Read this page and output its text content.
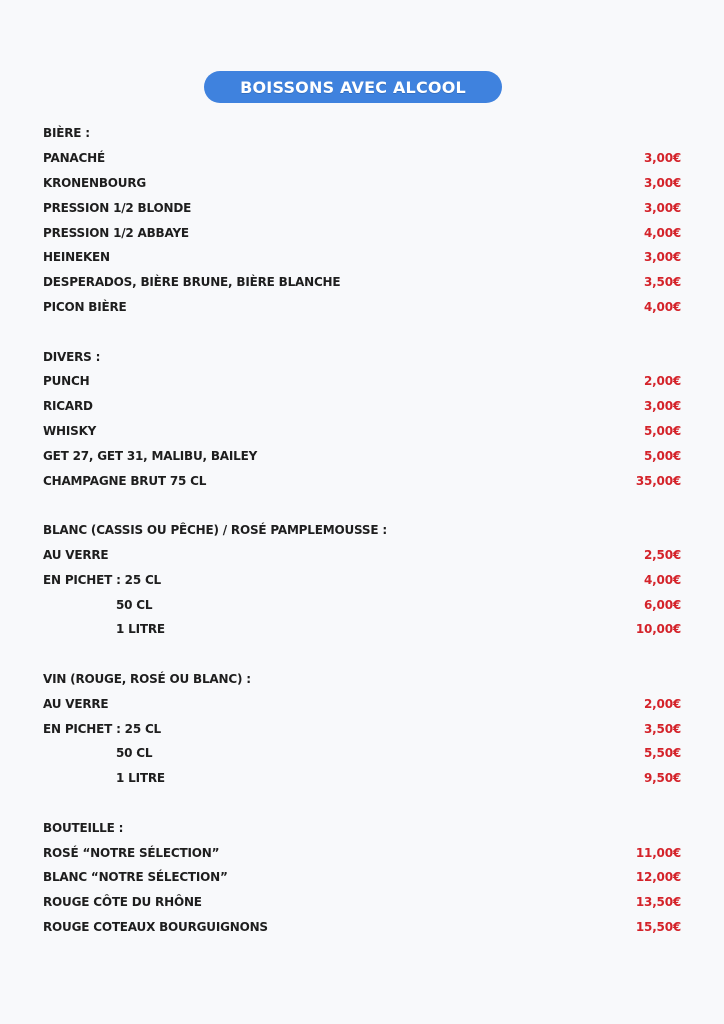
BOISSONS AVEC ALCOOL
BIÈRE :
PANACHÉ	3,00€
KRONENBOURG	3,00€
PRESSION 1/2 BLONDE	3,00€
PRESSION 1/2 ABBAYE	4,00€
HEINEKEN	3,00€
DESPERADOS, BIÈRE BRUNE, BIÈRE BLANCHE	3,50€
PICON BIÈRE	4,00€
DIVERS :
PUNCH	2,00€
RICARD	3,00€
WHISKY	5,00€
GET 27, GET 31, MALIBU, BAILEY	5,00€
CHAMPAGNE BRUT 75 CL	35,00€
BLANC (CASSIS OU PÊCHE) / ROSÉ PAMPLEMOUSSE :
AU VERRE	2,50€
EN PICHET : 25 CL	4,00€
50 CL	6,00€
1 LITRE	10,00€
VIN (ROUGE, ROSÉ OU BLANC) :
AU VERRE	2,00€
EN PICHET : 25 CL	3,50€
50 CL	5,50€
1 LITRE	9,50€
BOUTEILLE :
ROSÉ “NOTRE SÉLECTION”	11,00€
BLANC “NOTRE SÉLECTION”	12,00€
ROUGE CÔTE DU RHÔNE	13,50€
ROUGE COTEAUX BOURGUIGNONS	15,50€
